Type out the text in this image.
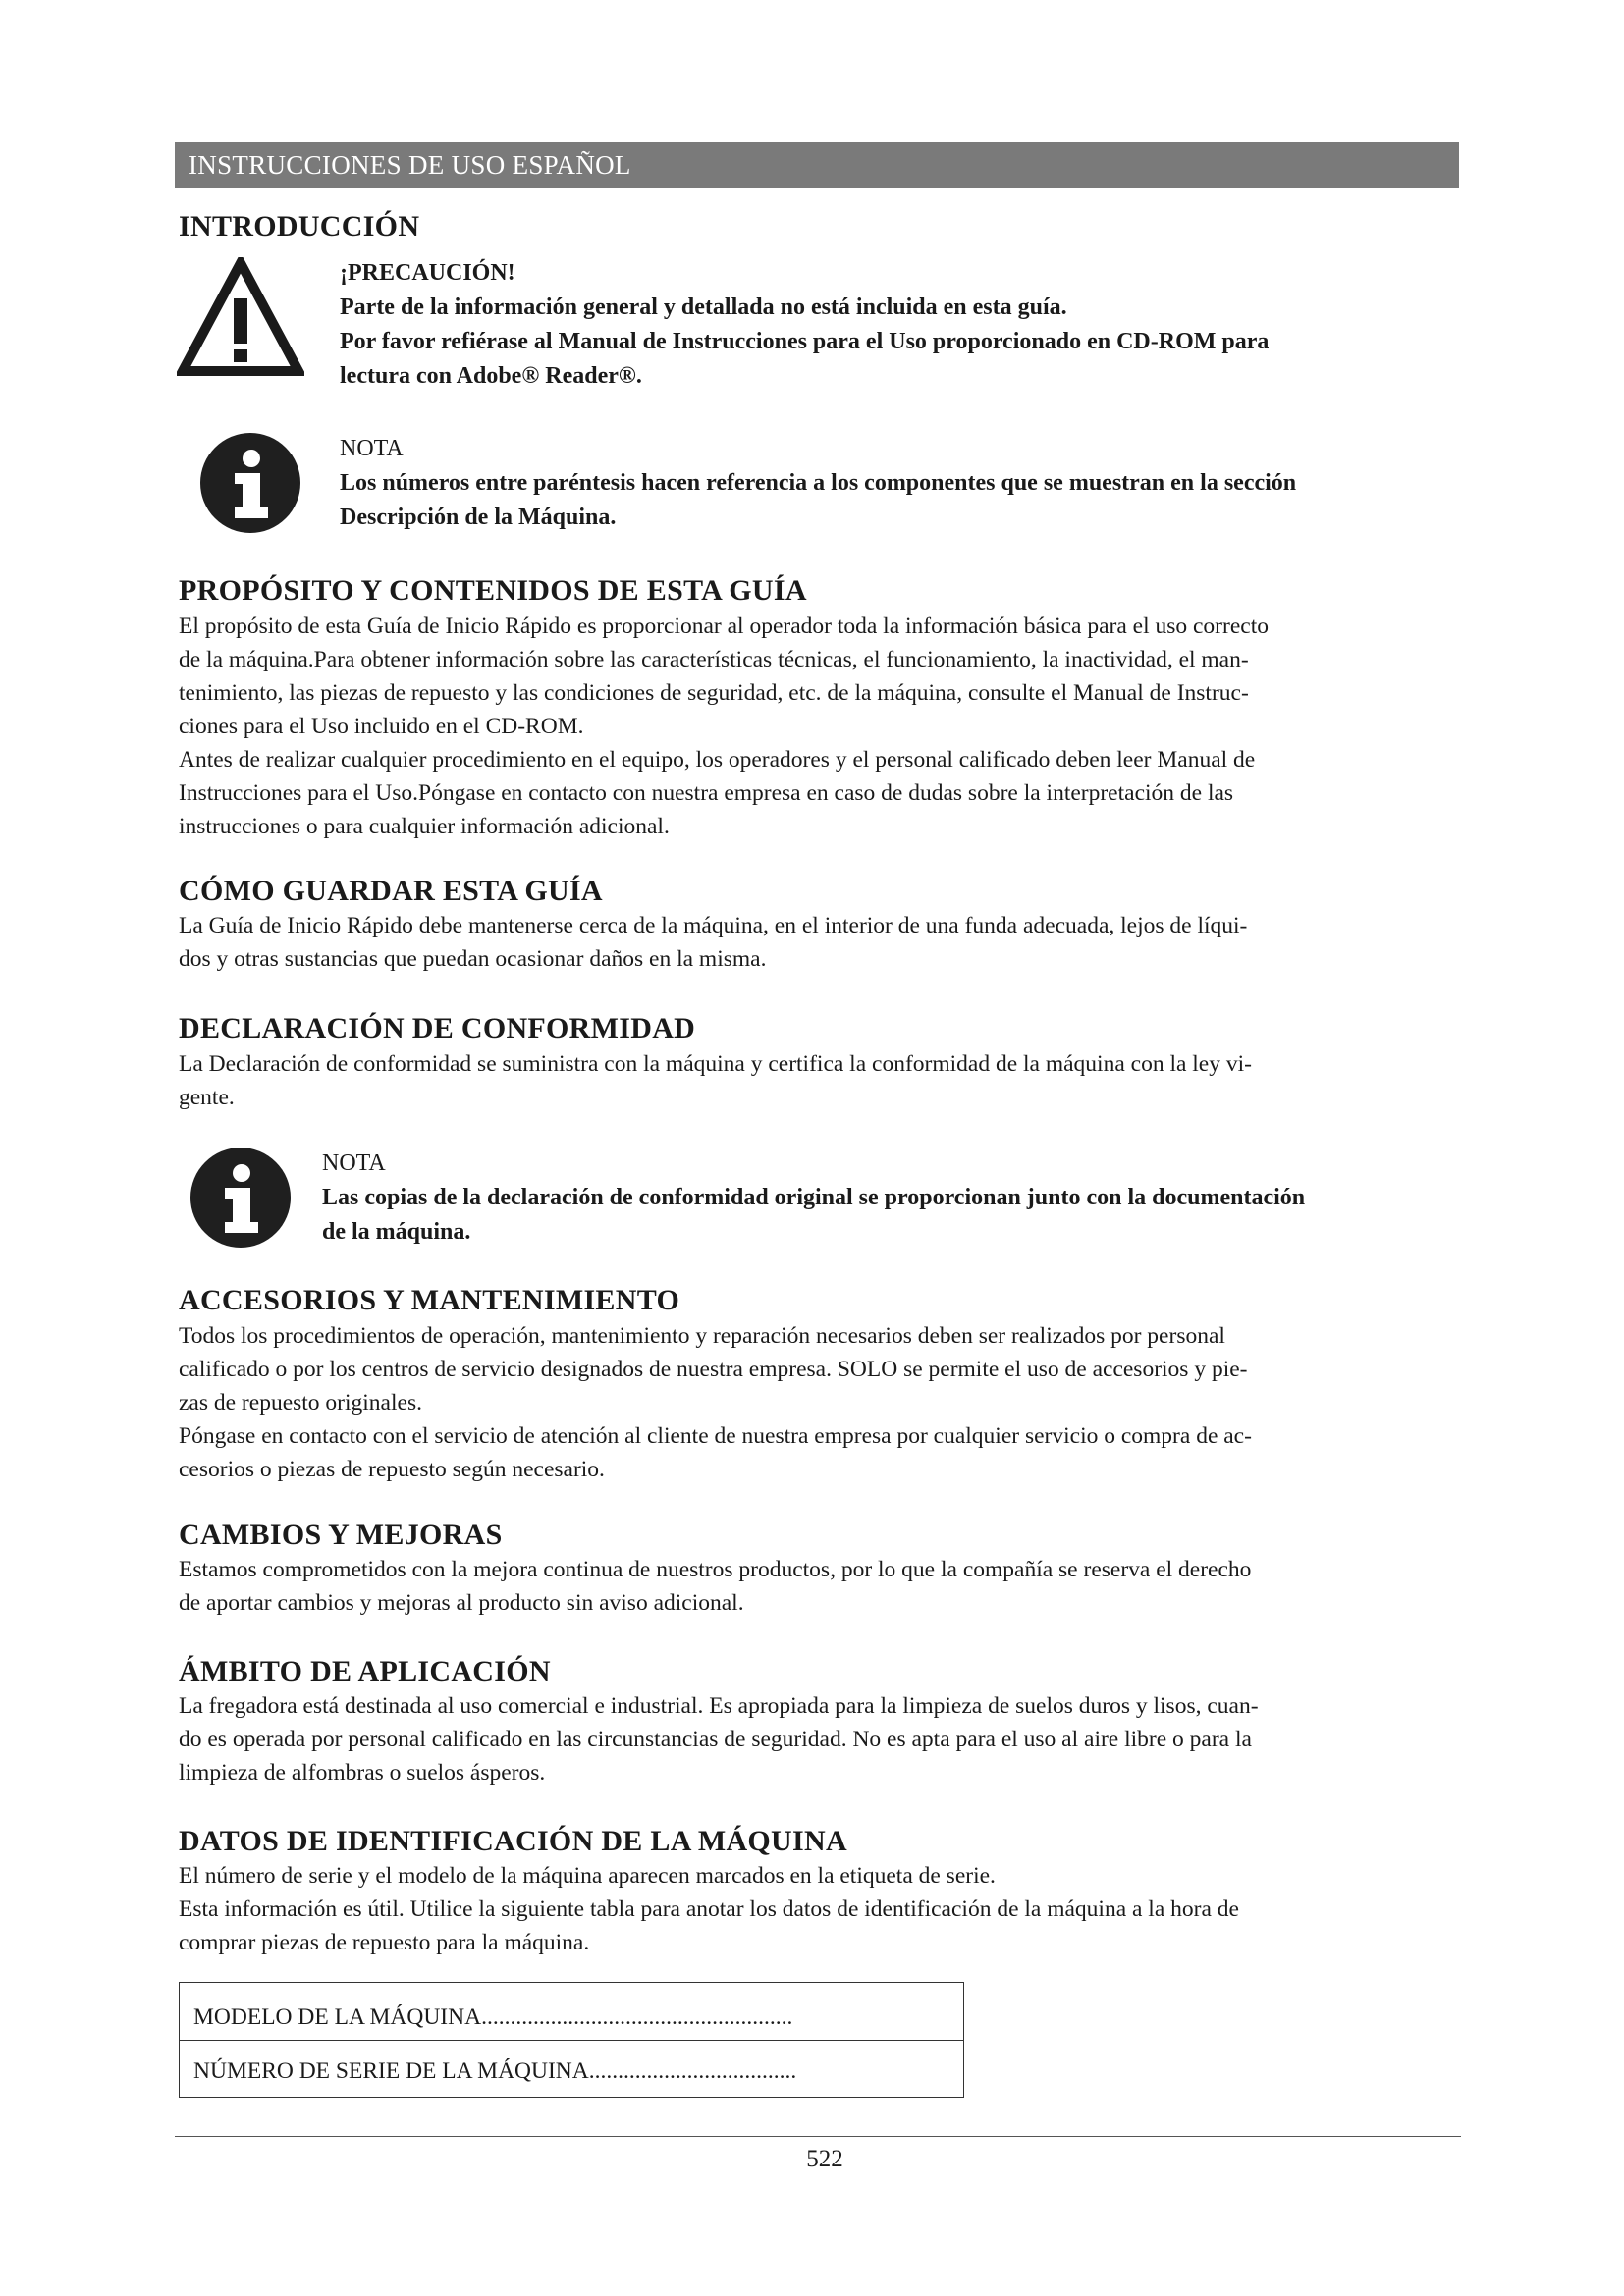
INSTRUCCIONES DE USO ESPAÑOL
INTRODUCCIÓN
¡PRECAUCIÓN!
Parte de la información general y detallada no está incluida en esta guía.
Por favor refiérase al Manual de Instrucciones para el Uso proporcionado en CD-ROM para
lectura con Adobe® Reader®.
NOTA
Los números entre paréntesis hacen referencia a los componentes que se muestran en la sección
Descripción de la Máquina.
PROPÓSITO Y CONTENIDOS DE ESTA GUÍA

El propósito de esta Guía de Inicio Rápido es proporcionar al operador toda la información básica para el uso correcto
de la máquina.Para obtener información sobre las características técnicas, el funcionamiento, la inactividad, el man-
tenimiento, las piezas de repuesto y las condiciones de seguridad, etc. de la máquina, consulte el Manual de Instruc-
ciones para el Uso incluido en el CD-ROM.
Antes de realizar cualquier procedimiento en el equipo, los operadores y el personal calificado deben leer Manual de
Instrucciones para el Uso.Póngase en contacto con nuestra empresa en caso de dudas sobre la interpretación de las
instrucciones o para cualquier información adicional.

CÓMO GUARDAR ESTA GUÍA

La Guía de Inicio Rápido debe mantenerse cerca de la máquina, en el interior de una funda adecuada, lejos de líqui-
dos y otras sustancias que puedan ocasionar daños en la misma.

DECLARACIÓN DE CONFORMIDAD

La Declaración de conformidad se suministra con la máquina y certifica la conformidad de la máquina con la ley vi-
gente.

NOTA
Las copias de la declaración de conformidad original se proporcionan junto con la documentación
de la máquina.
ACCESORIOS Y MANTENIMIENTO

Todos los procedimientos de operación, mantenimiento y reparación necesarios deben ser realizados por personal
calificado o por los centros de servicio designados de nuestra empresa. SOLO se permite el uso de accesorios y pie-
zas de repuesto originales.
Póngase en contacto con el servicio de atención al cliente de nuestra empresa por cualquier servicio o compra de ac-
cesorios o piezas de repuesto según necesario.

CAMBIOS Y MEJORAS

Estamos comprometidos con la mejora continua de nuestros productos, por lo que la compañía se reserva el derecho
de aportar cambios y mejoras al producto sin aviso adicional.

ÁMBITO DE APLICACIÓN

La fregadora está destinada al uso comercial e industrial. Es apropiada para la limpieza de suelos duros y lisos, cuan-
do es operada por personal calificado en las circunstancias de seguridad. No es apta para el uso al aire libre o para la
limpieza de alfombras o suelos ásperos.

DATOS DE IDENTIFICACIÓN DE LA MÁQUINA

El número de serie y el modelo de la máquina aparecen marcados en la etiqueta de serie.
Esta información es útil. Utilice la siguiente tabla para anotar los datos de identificación de la máquina a la hora de
comprar piezas de repuesto para la máquina.

MODELO DE LA MÁQUINA......................................................
NÚMERO DE SERIE DE LA MÁQUINA....................................
522
